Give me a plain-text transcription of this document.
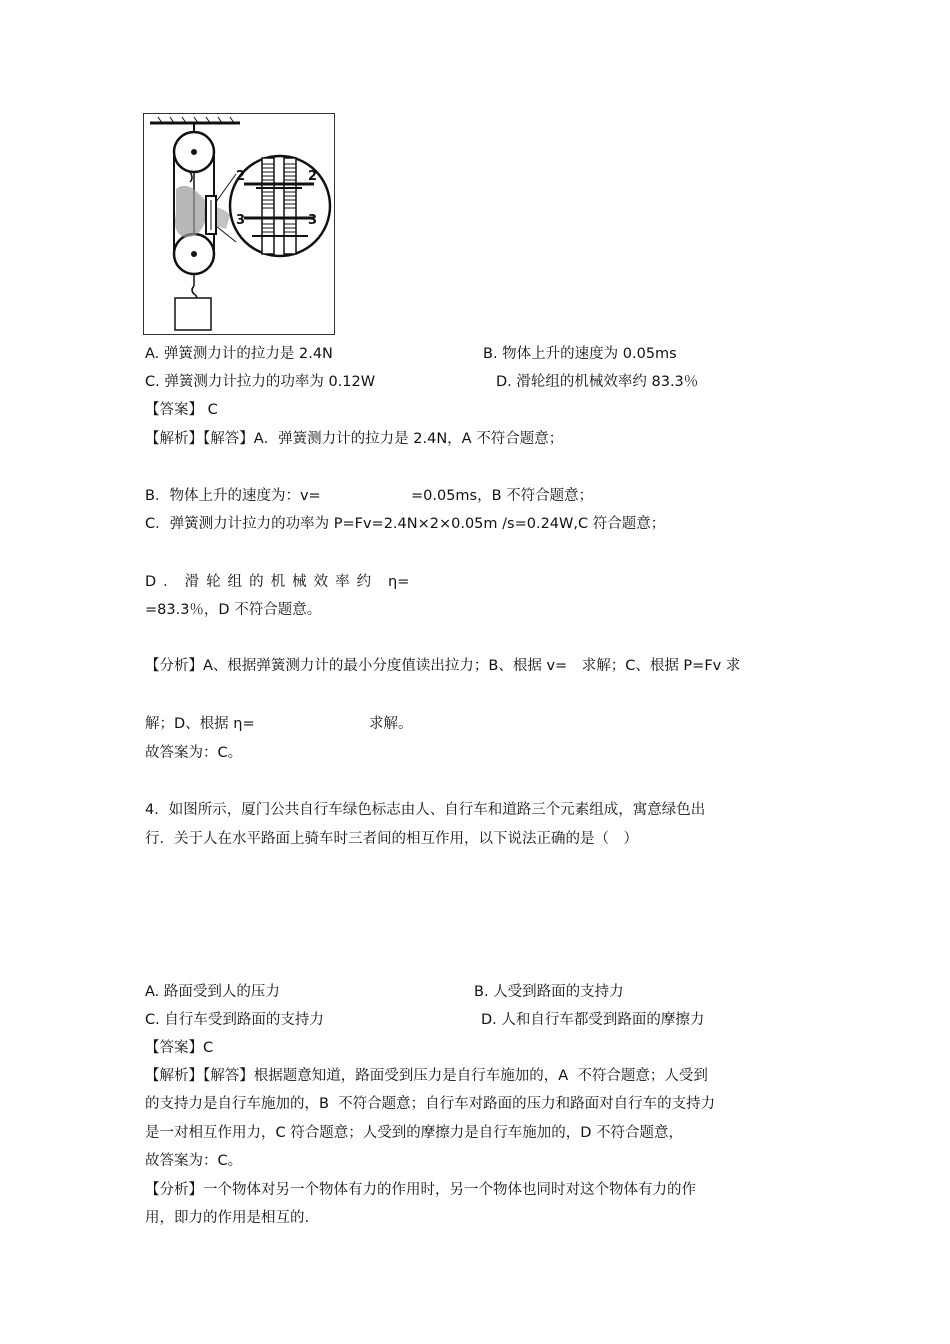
2
3
2
3
A. 弹簧测力计的拉力是 2.4N	B. 物体上升的速度为 0.05ms
C. 弹簧测力计拉力的功率为 0.12W	D. 滑轮组的机械效率约 83.3％
【答案】 C
【解析】【解答】A．弹簧测力计的拉力是 2.4N，A 不符合题意；
B．物体上升的速度为：v=	=0.05ms，B 不符合题意；
C．弹簧测力计拉力的功率为 P=Fv=2.4N×2×0.05m /s=0.24W,C 符合题意；
D．滑轮组的机械效率约 η=
=83.3％，D 不符合题意。
【分析】A、根据弹簧测力计的最小分度值读出拉力；B、根据 v=　求解；C、根据 P=Fv 求
解；D、根据 η=	求解。
故答案为：C。
4．如图所示，厦门公共自行车绿色标志由人、自行车和道路三个元素组成，寓意绿色出
行．关于人在水平路面上骑车时三者间的相互作用，以下说法正确的是（　）
A. 路面受到人的压力	B. 人受到路面的支持力
C. 自行车受到路面的支持力	D. 人和自行车都受到路面的摩擦力
【答案】C
【解析】【解答】根据题意知道，路面受到压力是自行车施加的，A  不符合题意；人受到
的支持力是自行车施加的，B  不符合题意；自行车对路面的压力和路面对自行车的支持力
是一对相互作用力，C 符合题意；人受到的摩擦力是自行车施加的，D 不符合题意，
故答案为：C。
【分析】一个物体对另一个物体有力的作用时，另一个物体也同时对这个物体有力的作
用，即力的作用是相互的.
